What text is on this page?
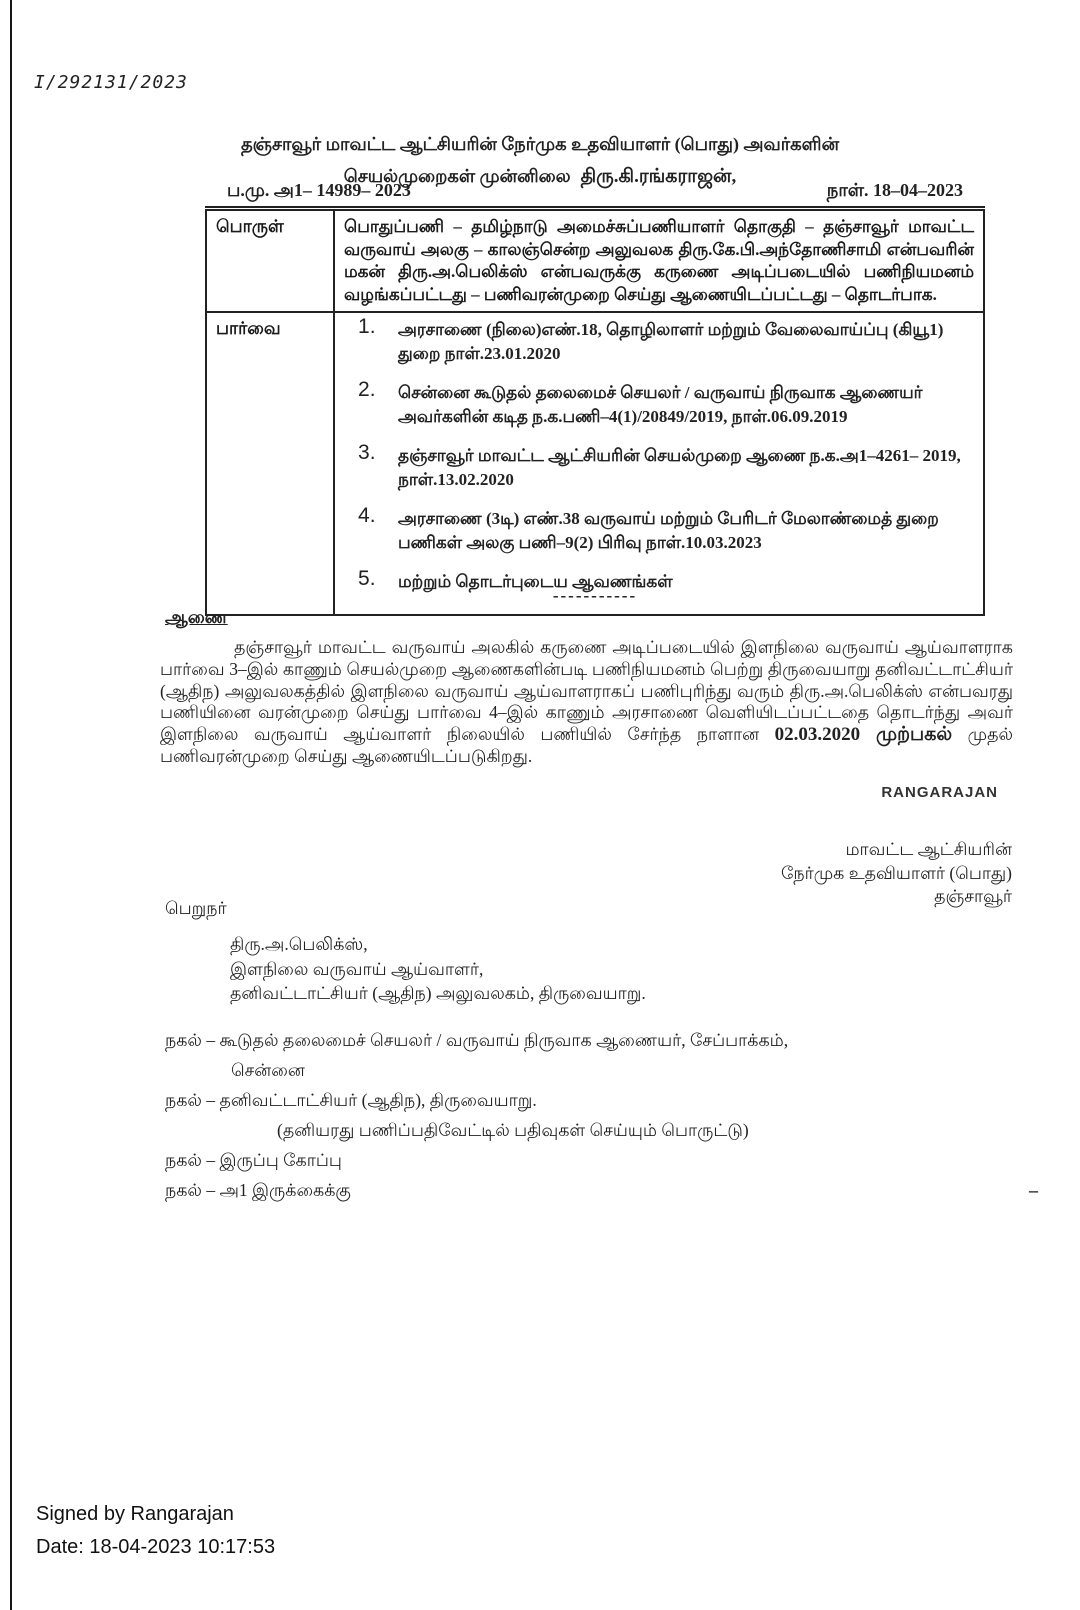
I/292131/2023
தஞ்சாவூர் மாவட்ட ஆட்சியரின் நேர்முக உதவியாளர் (பொது) அவர்களின்
செயல்முறைகள் முன்னிலை திரு.கி.ரங்கராஜன்,
ப.மு. அ1– 14989– 2023	நாள். 18–04–2023
பொருள்	பொதுப்பணி – தமிழ்நாடு அமைச்சுப்பணியாளர் தொகுதி – தஞ்சாவூர் மாவட்ட வருவாய் அலகு – காலஞ்சென்ற அலுவலக திரு.கே.பி.அந்தோணிசாமி என்பவரின் மகன் திரு.அ.பெலிக்ஸ் என்பவருக்கு கருணை அடிப்படையில் பணிநியமனம் வழங்கப்பட்டது – பணிவரன்முறை செய்து ஆணையிடப்பட்டது – தொடர்பாக.
பார்வை	அரசாணை (நிலை)எண்.18, தொழிலாளர் மற்றும் வேலைவாய்ப்பு (கியூ1) துறை நாள்.23.01.2020
சென்னை கூடுதல் தலைமைச் செயலர் / வருவாய் நிருவாக ஆணையர் அவர்களின் கடித ந.க.பணி–4(1)/20849/2019, நாள்.06.09.2019
தஞ்சாவூர் மாவட்ட ஆட்சியரின் செயல்முறை ஆணை ந.க.அ1–4261– 2019, நாள்.13.02.2020
அரசாணை (3டி) எண்.38 வருவாய் மற்றும் பேரிடர் மேலாண்மைத் துறை பணிகள் அலகு பணி–9(2) பிரிவு நாள்.10.03.2023
மற்றும் தொடர்புடைய ஆவணங்கள்
-----------
ஆணை

தஞ்சாவூர் மாவட்ட வருவாய் அலகில் கருணை அடிப்படையில் இளநிலை வருவாய் ஆய்வாளராக பார்வை 3–இல் காணும் செயல்முறை ஆணைகளின்படி பணிநியமனம் பெற்று திருவையாறு தனிவட்டாட்சியர் (ஆதிந) அலுவலகத்தில் இளநிலை வருவாய் ஆய்வாளராகப் பணிபுரிந்து வரும் திரு.அ.பெலிக்ஸ் என்பவரது பணியினை வரன்முறை செய்து பார்வை 4–இல் காணும் அரசாணை வெளியிடப்பட்டதை தொடர்ந்து அவர் இளநிலை வருவாய் ஆய்வாளர் நிலையில் பணியில் சேர்ந்த நாளான 02.03.2020 முற்பகல் முதல் பணிவரன்முறை செய்து ஆணையிடப்படுகிறது.

RANGARAJAN
மாவட்ட ஆட்சியரின்
நேர்முக உதவியாளர் (பொது)
தஞ்சாவூர்
பெறுநர்
திரு.அ.பெலிக்ஸ்,
இளநிலை வருவாய் ஆய்வாளர்,
தனிவட்டாட்சியர் (ஆதிந) அலுவலகம், திருவையாறு.
நகல் – கூடுதல் தலைமைச் செயலர் / வருவாய் நிருவாக ஆணையர், சேப்பாக்கம்,
சென்னை
நகல் – தனிவட்டாட்சியர் (ஆதிந), திருவையாறு.
(தனியரது பணிப்பதிவேட்டில் பதிவுகள் செய்யும் பொருட்டு)
நகல் – இருப்பு கோப்பு
நகல் – அ1 இருக்கைக்கு	–
Signed by Rangarajan
Date: 18-04-2023 10:17:53
